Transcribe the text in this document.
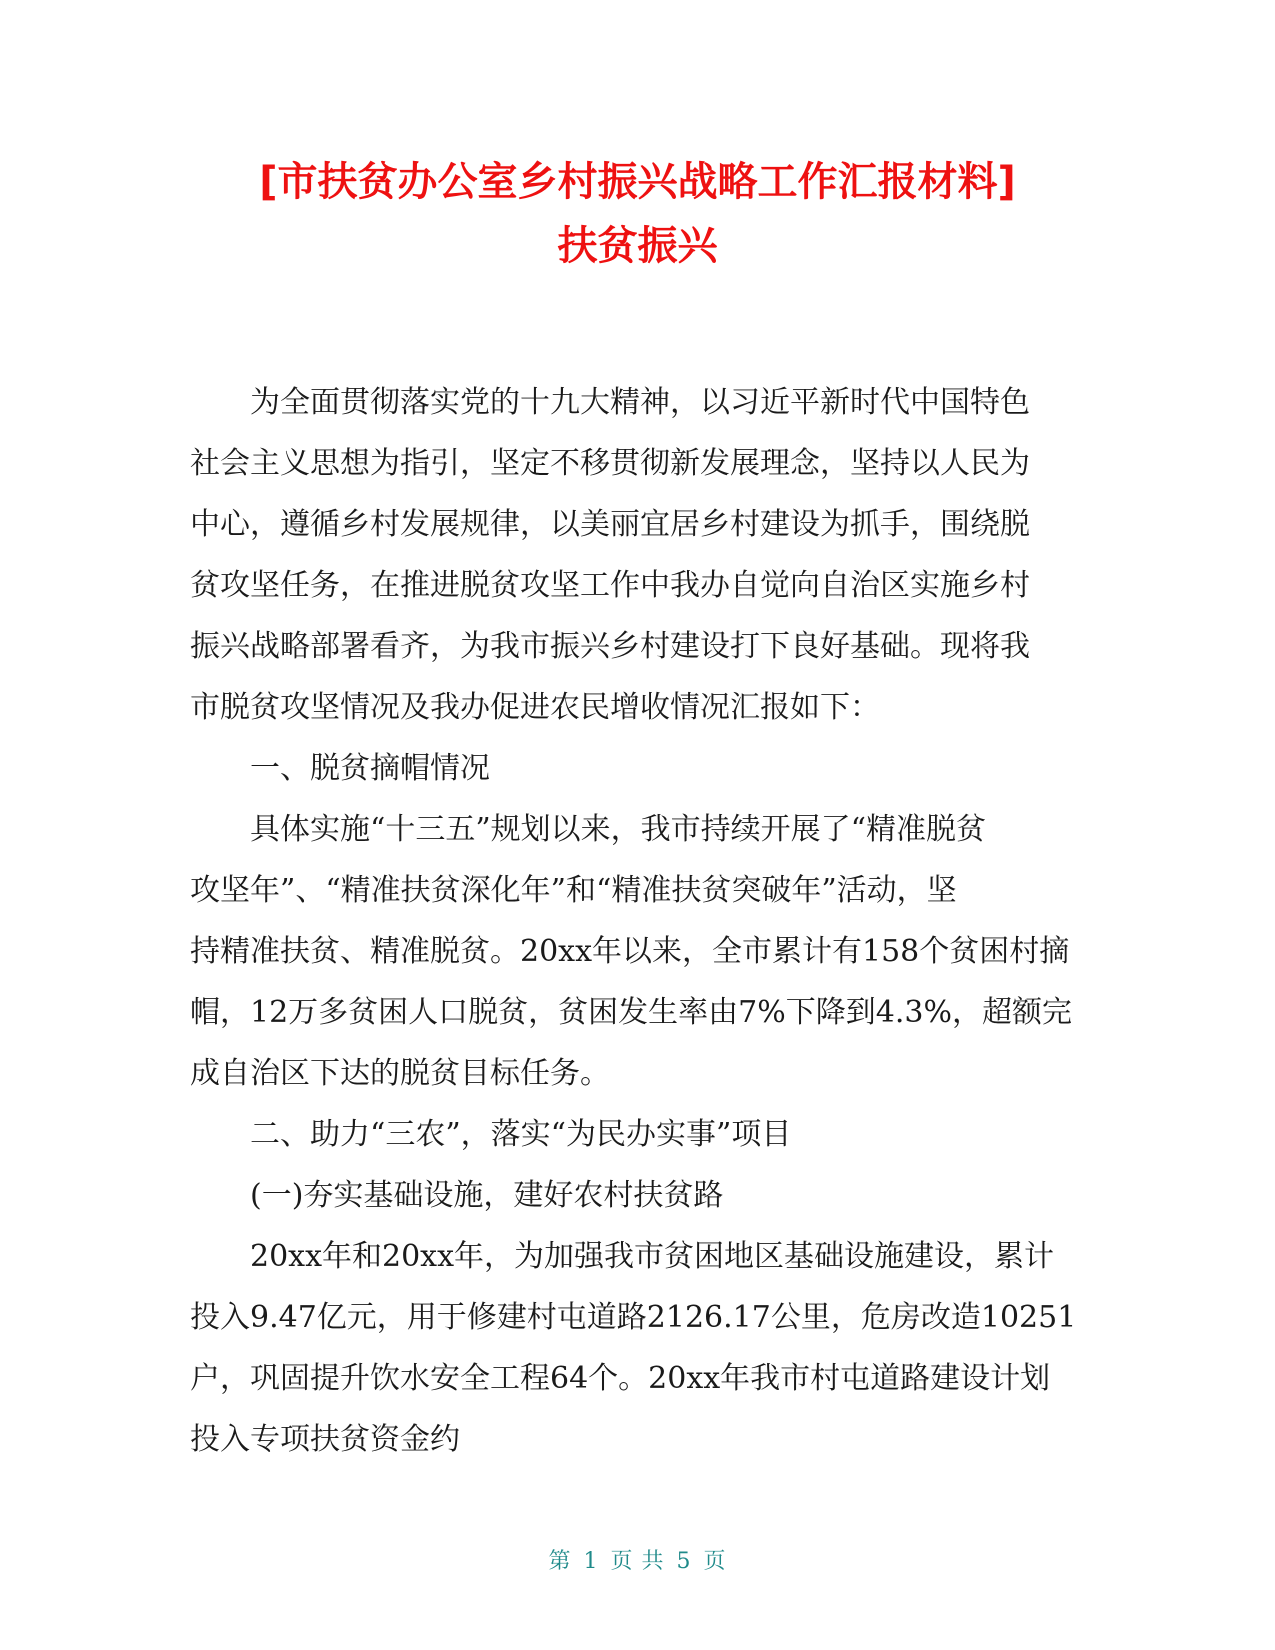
[市扶贫办公室乡村振兴战略工作汇报材料]
扶贫振兴

为全面贯彻落实党的十九大精神，以习近平新时代中国特色

社会主义思想为指引，坚定不移贯彻新发展理念，坚持以人民为

中心，遵循乡村发展规律，以美丽宜居乡村建设为抓手，围绕脱

贫攻坚任务，在推进脱贫攻坚工作中我办自觉向自治区实施乡村

振兴战略部署看齐，为我市振兴乡村建设打下良好基础。现将我

市脱贫攻坚情况及我办促进农民增收情况汇报如下：

一、脱贫摘帽情况

具体实施“十三五”规划以来，我市持续开展了“精准脱贫

攻坚年”、“精准扶贫深化年”和“精准扶贫突破年”活动，坚

持精准扶贫、精准脱贫。20xx年以来，全市累计有158个贫困村摘

帽，12万多贫困人口脱贫，贫困发生率由7%下降到4.3%，超额完

成自治区下达的脱贫目标任务。

二、助力“三农”，落实“为民办实事”项目

(一)夯实基础设施，建好农村扶贫路

20xx年和20xx年，为加强我市贫困地区基础设施建设，累计

投入9.47亿元，用于修建村屯道路2126.17公里，危房改造10251

户，巩固提升饮水安全工程64个。20xx年我市村屯道路建设计划

投入专项扶贫资金约

第 1 页 共 5 页
